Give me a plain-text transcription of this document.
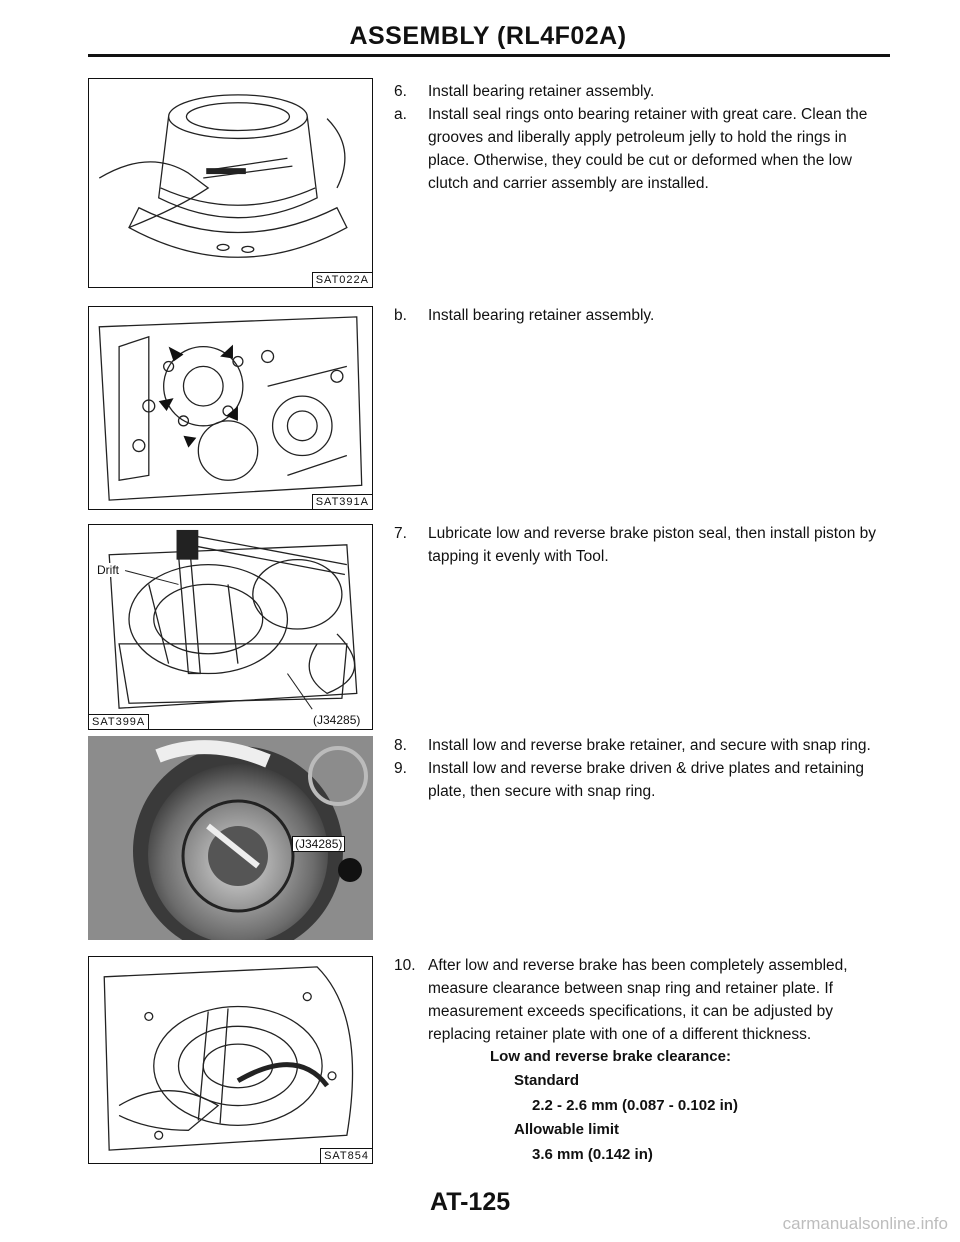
ASSEMBLY (RL4F02A)
SAT022A
SAT391A
Drift
(J34285)
SAT399A
(J34285)
SAT854

6. Install bearing retainer assembly.

a. Install seal rings onto bearing retainer with great care. Clean the grooves and liberally apply petroleum jelly to hold the rings in place. Otherwise, they could be cut or deformed when the low clutch and carrier assembly are installed.

b. Install bearing retainer assembly.

7. Lubricate low and reverse brake piston seal, then install piston by tapping it evenly with Tool.

8. Install low and reverse brake retainer, and secure with snap ring.

9. Install low and reverse brake driven & drive plates and retaining plate, then secure with snap ring.

10. After low and reverse brake has been completely assembled, measure clearance between snap ring and retainer plate. If measurement exceeds specifications, it can be adjusted by replacing retainer plate with one of a different thickness.

Low and reverse brake clearance:
Standard
2.2 - 2.6 mm (0.087 - 0.102 in)
Allowable limit
3.6 mm (0.142 in)
AT-125
carmanualsonline.info
